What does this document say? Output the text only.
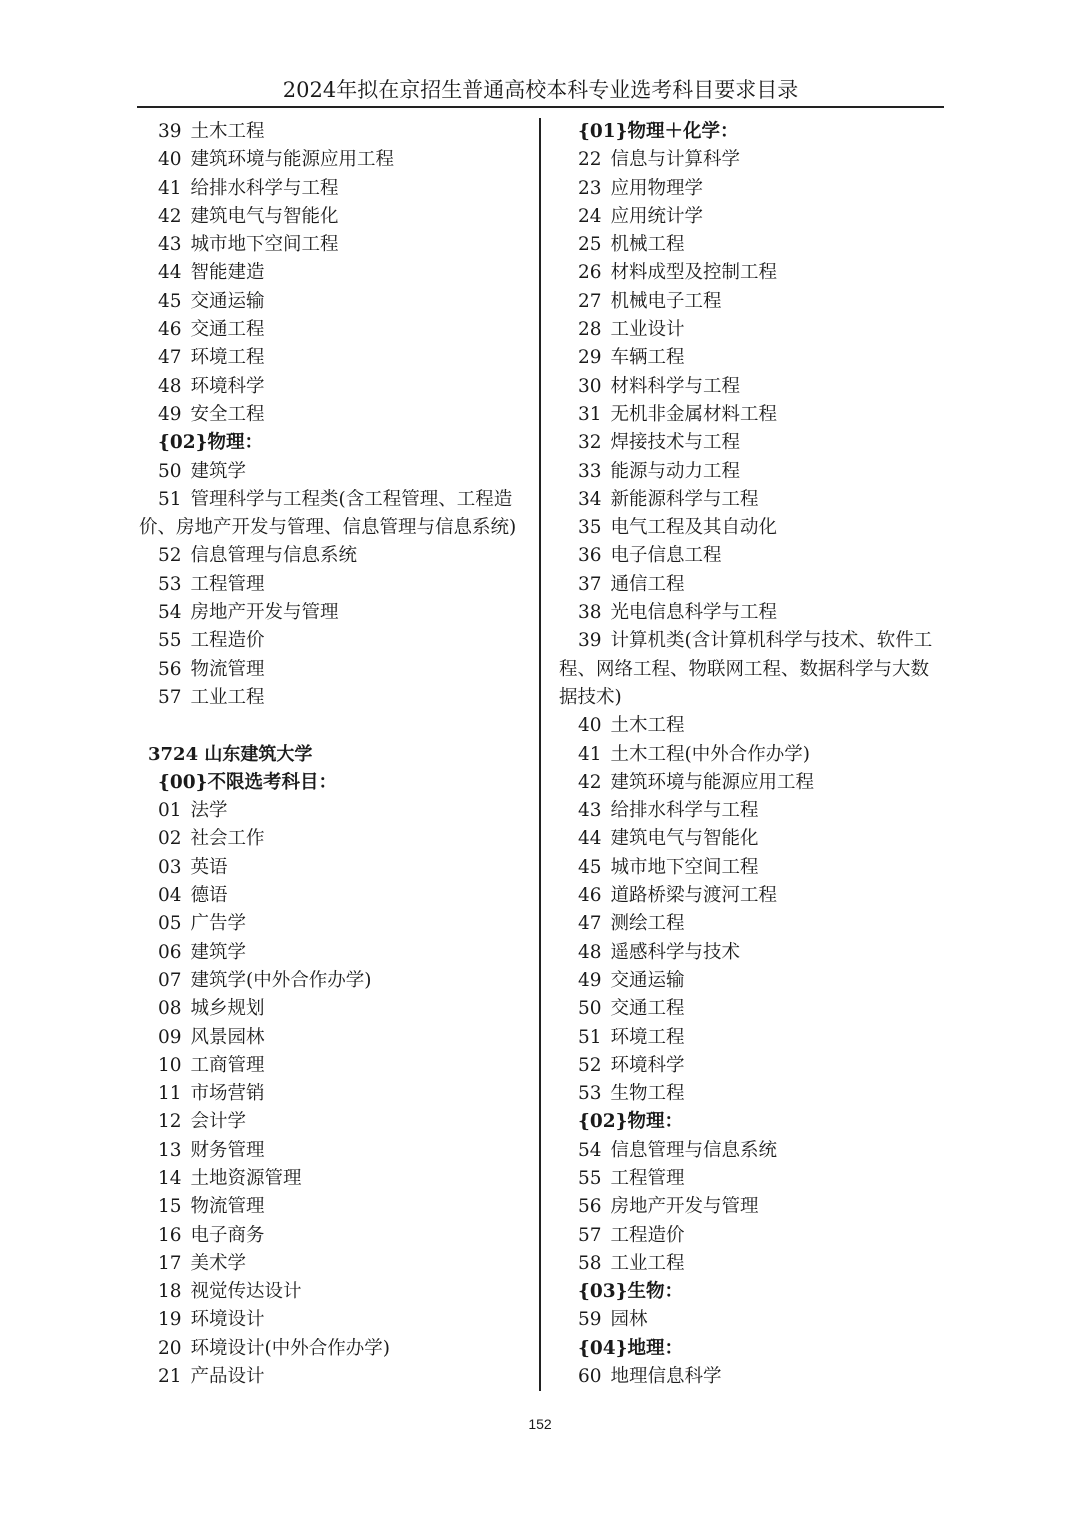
2024年拟在京招生普通高校本科专业选考科目要求目录
39 土木工程
40 建筑环境与能源应用工程
41 给排水科学与工程
42 建筑电气与智能化
43 城市地下空间工程
44 智能建造
45 交通运输
46 交通工程
47 环境工程
48 环境科学
49 安全工程
{02}物理：
50 建筑学
51 管理科学与工程类(含工程管理、工程造
价、房地产开发与管理、信息管理与信息系统)
52 信息管理与信息系统
53 工程管理
54 房地产开发与管理
55 工程造价
56 物流管理
57 工业工程
3724 山东建筑大学
{00}不限选考科目：
01 法学
02 社会工作
03 英语
04 德语
05 广告学
06 建筑学
07 建筑学(中外合作办学)
08 城乡规划
09 风景园林
10 工商管理
11 市场营销
12 会计学
13 财务管理
14 土地资源管理
15 物流管理
16 电子商务
17 美术学
18 视觉传达设计
19 环境设计
20 环境设计(中外合作办学)
21 产品设计
{01}物理＋化学：
22 信息与计算科学
23 应用物理学
24 应用统计学
25 机械工程
26 材料成型及控制工程
27 机械电子工程
28 工业设计
29 车辆工程
30 材料科学与工程
31 无机非金属材料工程
32 焊接技术与工程
33 能源与动力工程
34 新能源科学与工程
35 电气工程及其自动化
36 电子信息工程
37 通信工程
38 光电信息科学与工程
39 计算机类(含计算机科学与技术、软件工
程、网络工程、物联网工程、数据科学与大数
据技术)
40 土木工程
41 土木工程(中外合作办学)
42 建筑环境与能源应用工程
43 给排水科学与工程
44 建筑电气与智能化
45 城市地下空间工程
46 道路桥梁与渡河工程
47 测绘工程
48 遥感科学与技术
49 交通运输
50 交通工程
51 环境工程
52 环境科学
53 生物工程
{02}物理：
54 信息管理与信息系统
55 工程管理
56 房地产开发与管理
57 工程造价
58 工业工程
{03}生物：
59 园林
{04}地理：
60 地理信息科学
152
